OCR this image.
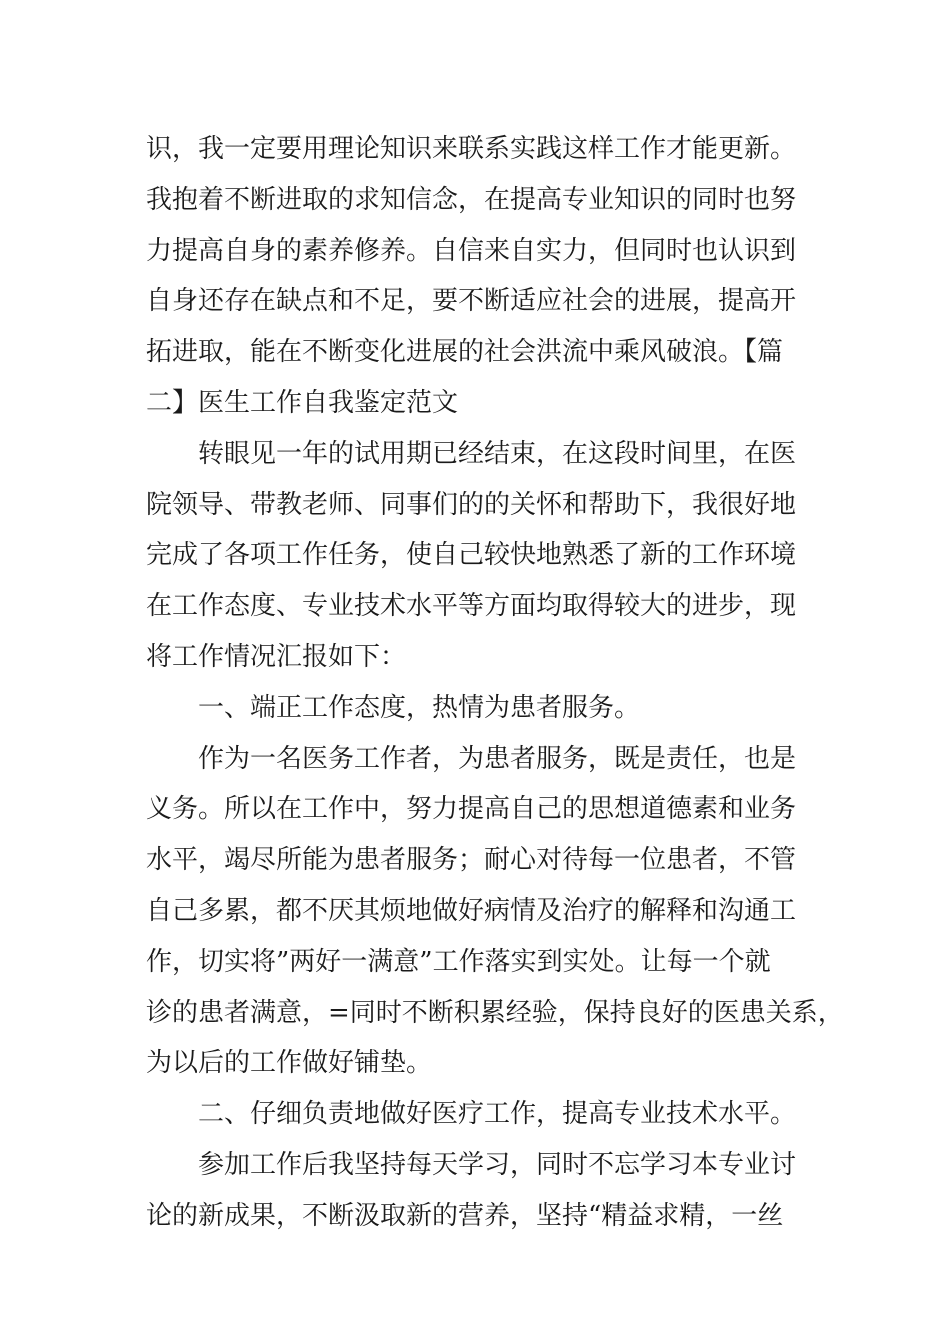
识，我一定要用理论知识来联系实践这样工作才能更新。
我抱着不断进取的求知信念，在提高专业知识的同时也努
力提高自身的素养修养。自信来自实力，但同时也认识到
自身还存在缺点和不足，要不断适应社会的进展，提高开
拓进取，能在不断变化进展的社会洪流中乘风破浪。【篇
二】医生工作自我鉴定范文
转眼见一年的试用期已经结束，在这段时间里，在医
院领导、带教老师、同事们的的关怀和帮助下，我很好地
完成了各项工作任务，使自己较快地熟悉了新的工作环境
在工作态度、专业技术水平等方面均取得较大的进步，现
将工作情况汇报如下：
一、端正工作态度，热情为患者服务。
作为一名医务工作者，为患者服务，既是责任，也是
义务。所以在工作中，努力提高自己的思想道德素和业务
水平，竭尽所能为患者服务；耐心对待每一位患者，不管
自己多累，都不厌其烦地做好病情及治疗的解释和沟通工
作，切实将”两好一满意”工作落实到实处。让每一个就
诊的患者满意，=同时不断积累经验，保持良好的医患关系，
为以后的工作做好铺垫。
二、仔细负责地做好医疗工作，提高专业技术水平。
参加工作后我坚持每天学习，同时不忘学习本专业讨
论的新成果，不断汲取新的营养，坚持“精益求精，一丝
